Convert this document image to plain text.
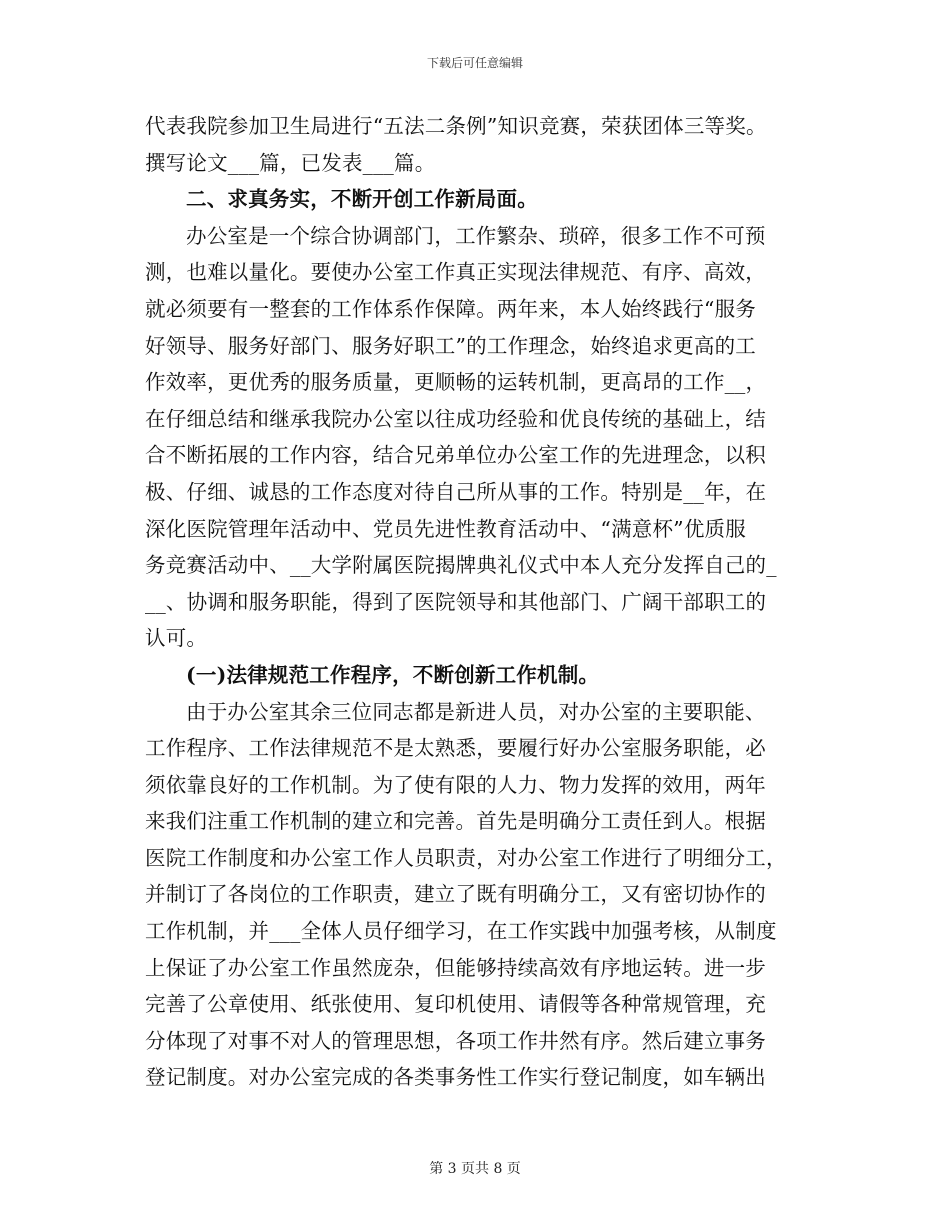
下载后可任意编辑
代表我院参加卫生局进行“五法二条例”知识竞赛，荣获团体三等奖。
撰写论文___篇，已发表___篇。
二、求真务实，不断开创工作新局面。
办公室是一个综合协调部门，工作繁杂、琐碎，很多工作不可预
测，也难以量化。要使办公室工作真正实现法律规范、有序、高效，
就必须要有一整套的工作体系作保障。两年来，本人始终践行“服务
好领导、服务好部门、服务好职工”的工作理念，始终追求更高的工
作效率，更优秀的服务质量，更顺畅的运转机制，更高昂的工作__，
在仔细总结和继承我院办公室以往成功经验和优良传统的基础上，结
合不断拓展的工作内容，结合兄弟单位办公室工作的先进理念，以积
极、仔细、诚恳的工作态度对待自己所从事的工作。特别是__年，在
深化医院管理年活动中、党员先进性教育活动中、“满意杯”优质服
务竞赛活动中、__大学附属医院揭牌典礼仪式中本人充分发挥自己的_
__、协调和服务职能，得到了医院领导和其他部门、广阔干部职工的
认可。
(一)法律规范工作程序，不断创新工作机制。
由于办公室其余三位同志都是新进人员，对办公室的主要职能、
工作程序、工作法律规范不是太熟悉，要履行好办公室服务职能，必
须依靠良好的工作机制。为了使有限的人力、物力发挥的效用，两年
来我们注重工作机制的建立和完善。首先是明确分工责任到人。根据
医院工作制度和办公室工作人员职责，对办公室工作进行了明细分工，
并制订了各岗位的工作职责，建立了既有明确分工，又有密切协作的
工作机制，并___全体人员仔细学习，在工作实践中加强考核，从制度
上保证了办公室工作虽然庞杂，但能够持续高效有序地运转。进一步
完善了公章使用、纸张使用、复印机使用、请假等各种常规管理，充
分体现了对事不对人的管理思想，各项工作井然有序。然后建立事务
登记制度。对办公室完成的各类事务性工作实行登记制度，如车辆出
第 3 页共 8 页
